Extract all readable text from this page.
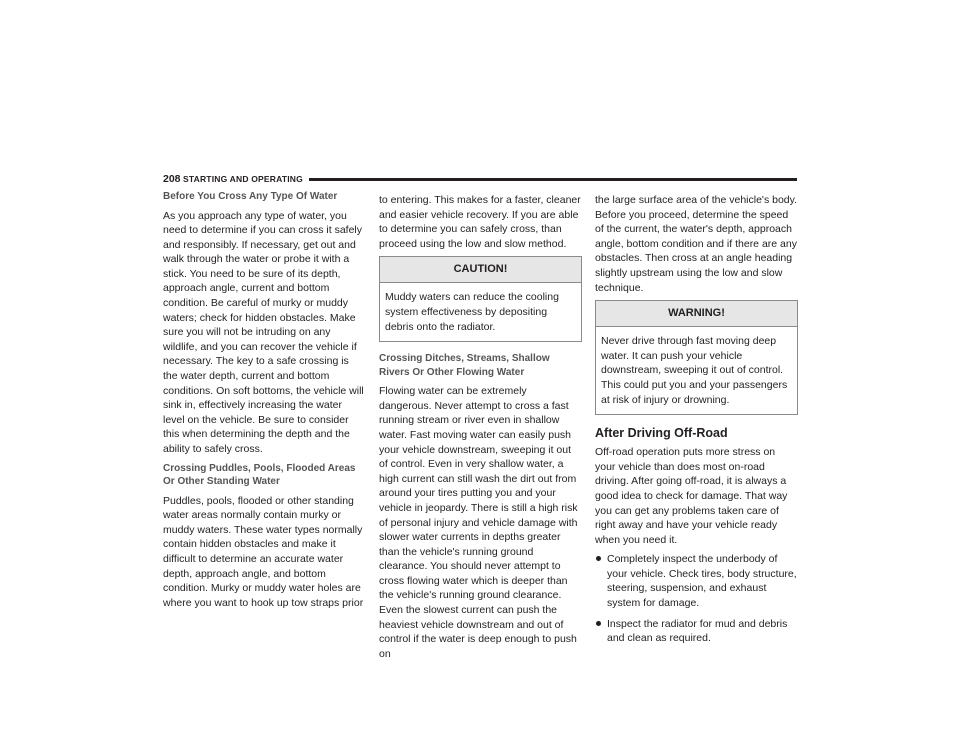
208 STARTING AND OPERATING
Before You Cross Any Type Of Water

As you approach any type of water, you need to determine if you can cross it safely and responsibly. If necessary, get out and walk through the water or probe it with a stick. You need to be sure of its depth, approach angle, current and bottom condition. Be careful of murky or muddy waters; check for hidden obstacles. Make sure you will not be intruding on any wildlife, and you can recover the vehicle if necessary. The key to a safe crossing is the water depth, current and bottom conditions. On soft bottoms, the vehicle will sink in, effectively increasing the water level on the vehicle. Be sure to consider this when determining the depth and the ability to safely cross.

Crossing Puddles, Pools, Flooded Areas Or Other Standing Water

Puddles, pools, flooded or other standing water areas normally contain murky or muddy waters. These water types normally contain hidden obstacles and make it difficult to determine an accurate water depth, approach angle, and bottom condition. Murky or muddy water holes are where you want to hook up tow straps prior

to entering. This makes for a faster, cleaner and easier vehicle recovery. If you are able to determine you can safely cross, than proceed using the low and slow method.

CAUTION!

Muddy waters can reduce the cooling system effectiveness by depositing debris onto the radiator.

Crossing Ditches, Streams, Shallow Rivers Or Other Flowing Water

Flowing water can be extremely dangerous. Never attempt to cross a fast running stream or river even in shallow water. Fast moving water can easily push your vehicle downstream, sweeping it out of control. Even in very shallow water, a high current can still wash the dirt out from around your tires putting you and your vehicle in jeopardy. There is still a high risk of personal injury and vehicle damage with slower water currents in depths greater than the vehicle's running ground clearance. You should never attempt to cross flowing water which is deeper than the vehicle's running ground clearance. Even the slowest current can push the heaviest vehicle downstream and out of control if the water is deep enough to push on

the large surface area of the vehicle's body. Before you proceed, determine the speed of the current, the water's depth, approach angle, bottom condition and if there are any obstacles. Then cross at an angle heading slightly upstream using the low and slow technique.

WARNING!

Never drive through fast moving deep water. It can push your vehicle downstream, sweeping it out of control. This could put you and your passengers at risk of injury or drowning.

After Driving Off-Road

Off-road operation puts more stress on your vehicle than does most on-road driving. After going off-road, it is always a good idea to check for damage. That way you can get any problems taken care of right away and have your vehicle ready when you need it.

Completely inspect the underbody of your vehicle. Check tires, body structure, steering, suspension, and exhaust system for damage.
Inspect the radiator for mud and debris and clean as required.
